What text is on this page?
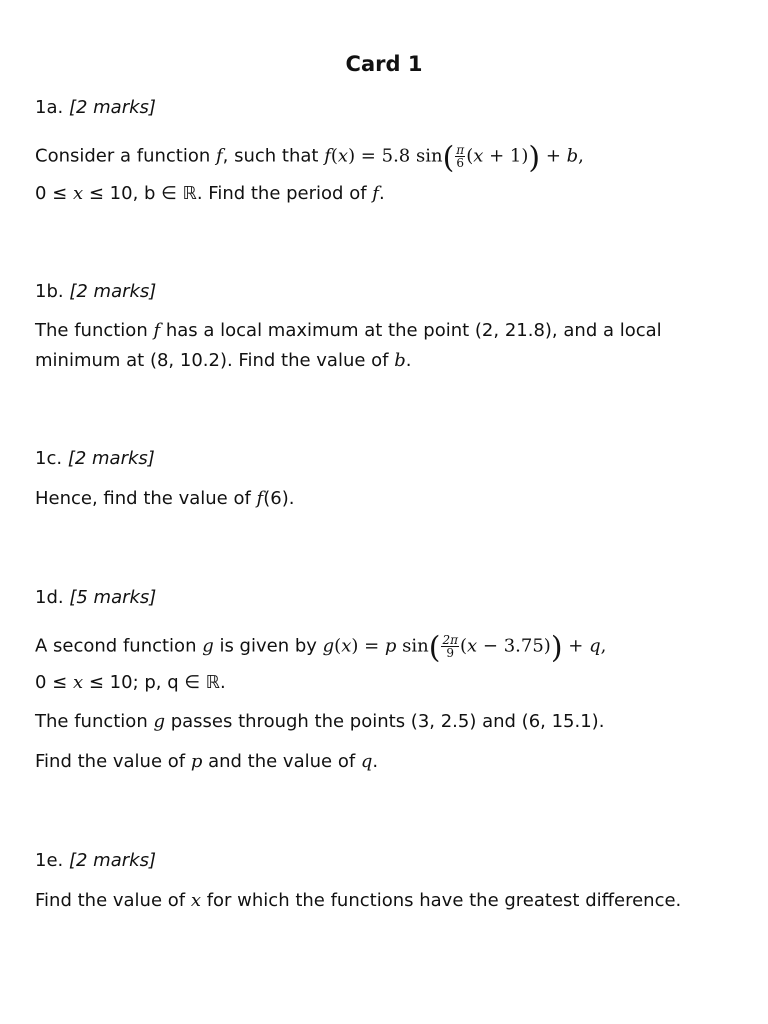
Card 1
1a. [2 marks]
Consider a function f, such that f(x) = 5.8 $\sin( \frac{\pi}{6} (x + 1)) + b$,
0 ≤ x ≤ 10, b ∈ ℝ. Find the period of f.
1b. [2 marks]
The function f has a local maximum at the point (2, 21.8), and a local
minimum at (8, 10.2). Find the value of b.
1c. [2 marks]
Hence, find the value of f(6).
1d. [5 marks]
A second function g is given by g(x) = p $\sin( \frac{2\pi}{9} (x - 3.75)) + q$,
0 ≤ x ≤ 10; p, q ∈ ℝ.
The function g passes through the points (3, 2.5) and (6, 15.1).
Find the value of p and the value of q.
1e. [2 marks]
Find the value of x for which the functions have the greatest difference.
